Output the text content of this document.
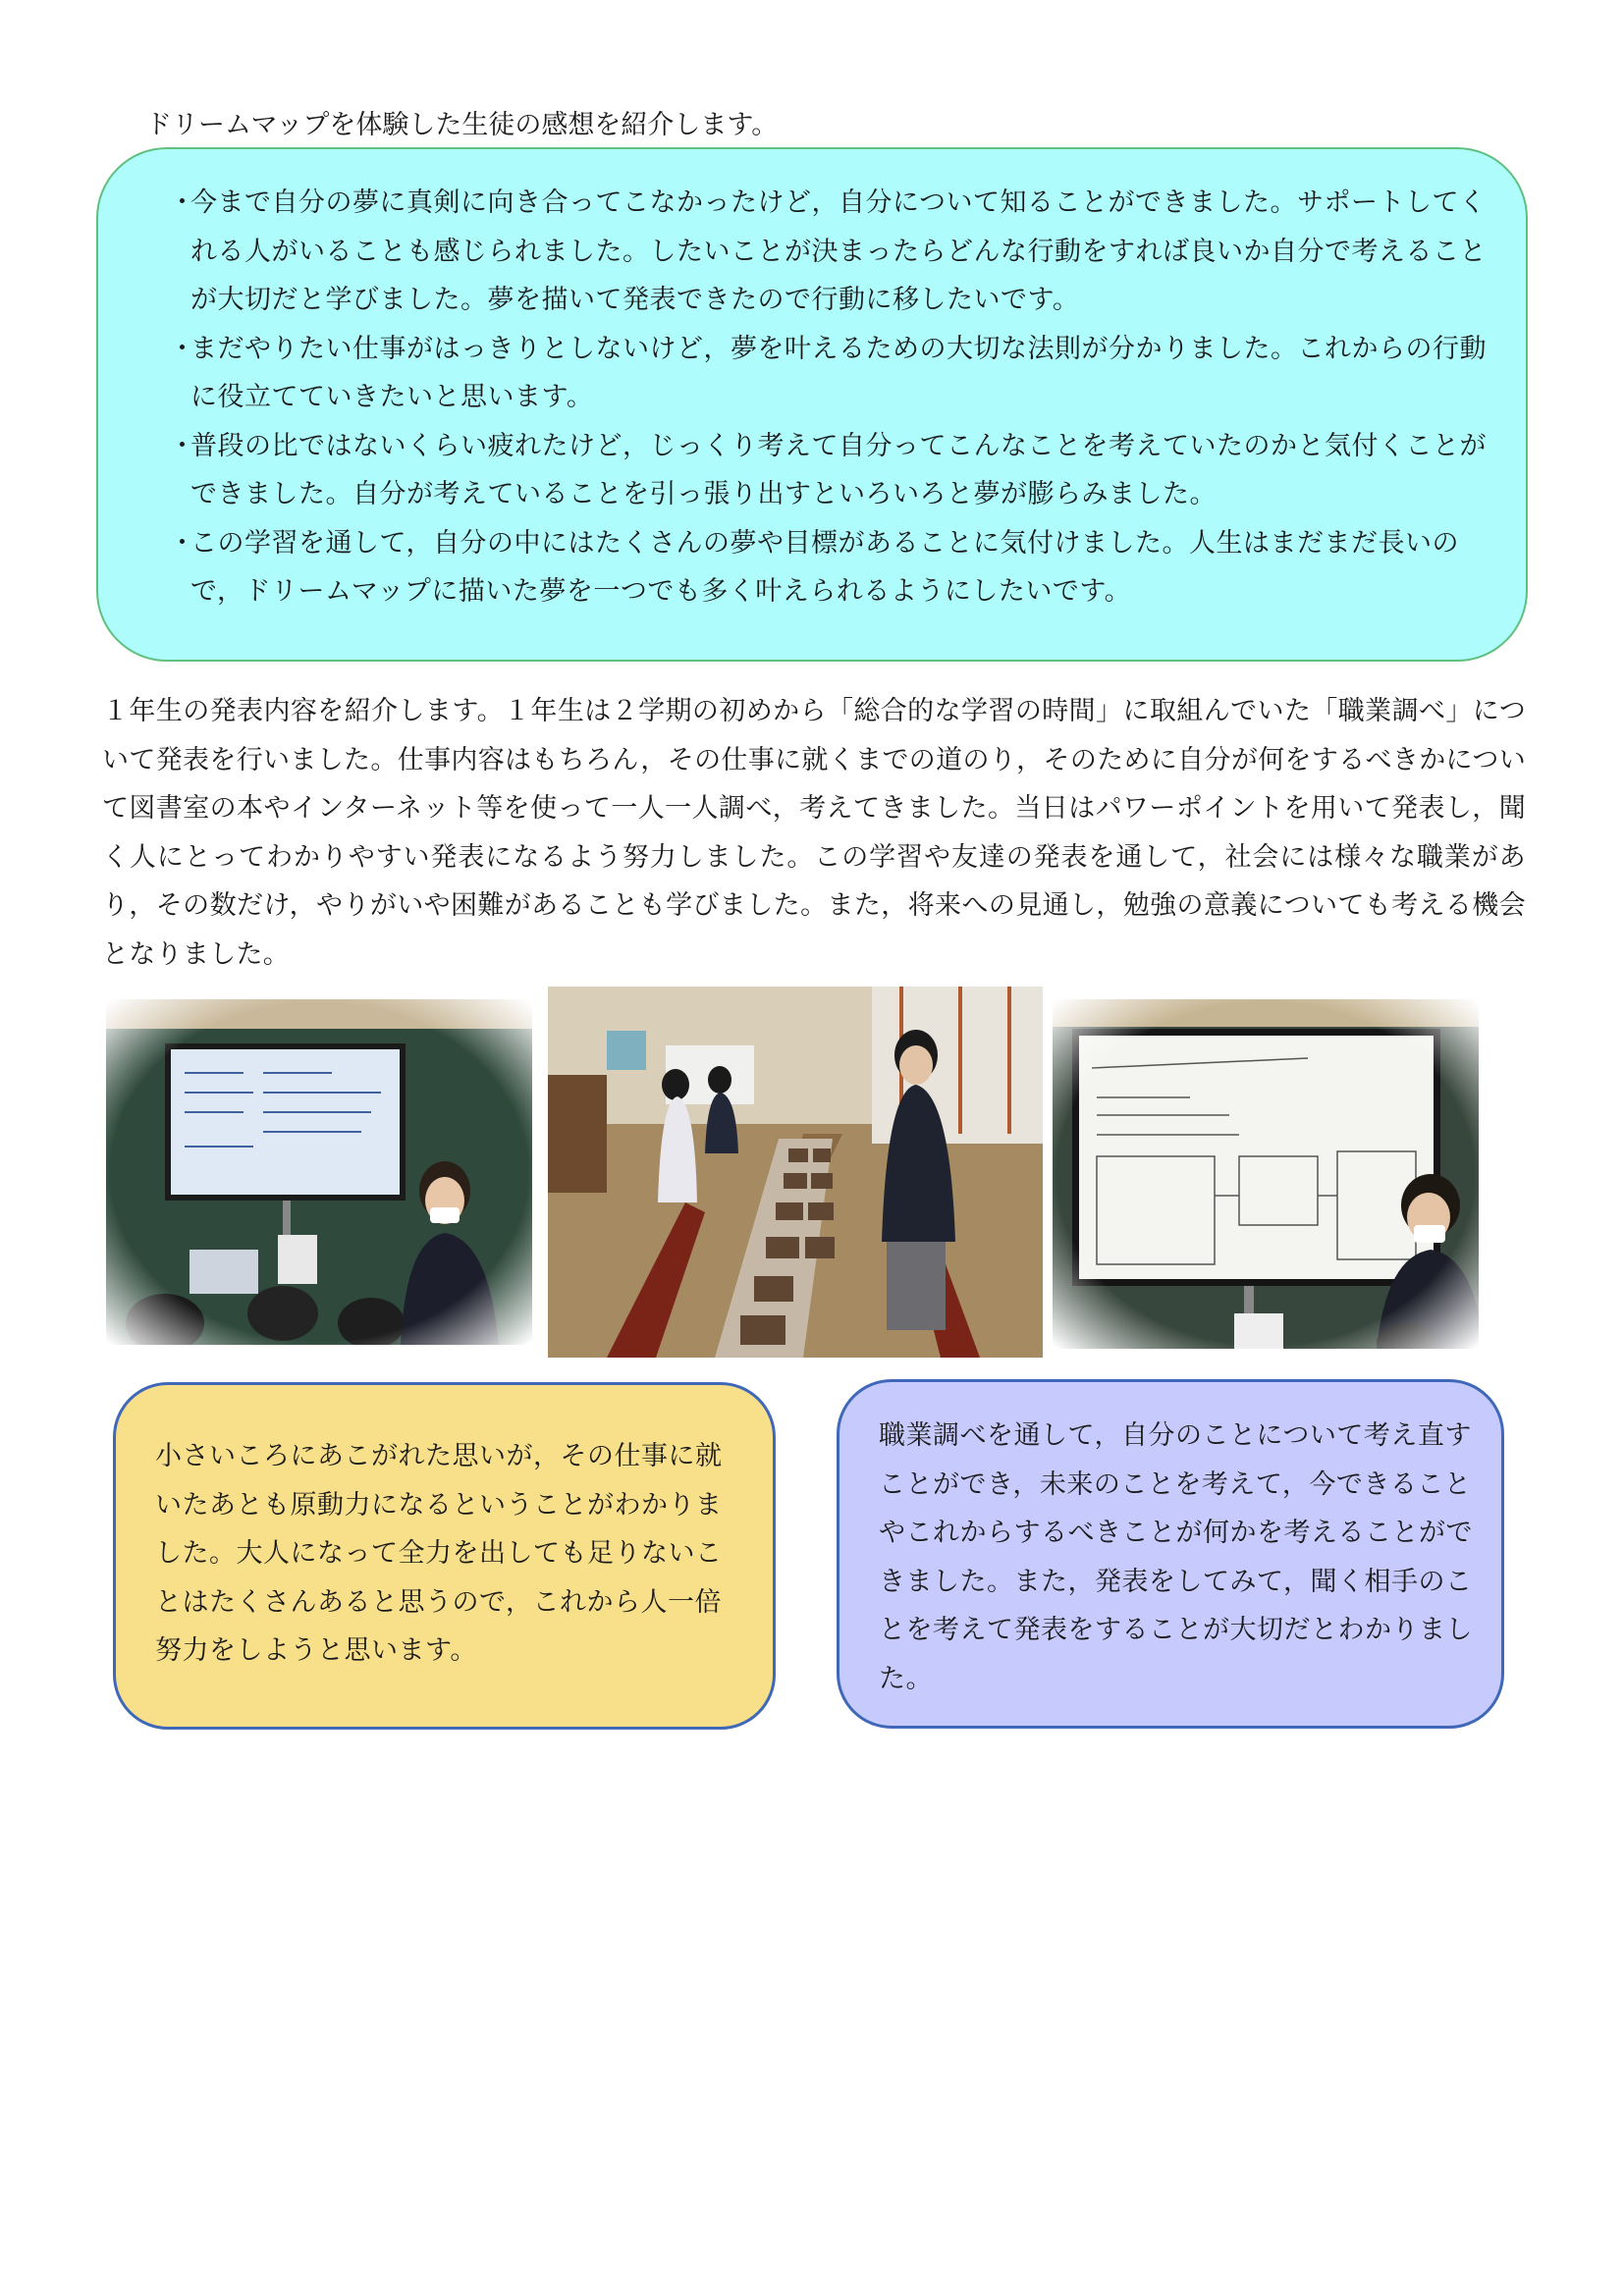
ドリームマップを体験した生徒の感想を紹介します。
・
今まで自分の夢に真剣に向き合ってこなかったけど，自分について知ることができました。サポートしてくれる人がいることも感じられました。したいことが決まったらどんな行動をすれば良いか自分で考えることが大切だと学びました。夢を描いて発表できたので行動に移したいです。
・
まだやりたい仕事がはっきりとしないけど，夢を叶えるための大切な法則が分かりました。これからの行動に役立てていきたいと思います。
・
普段の比ではないくらい疲れたけど，じっくり考えて自分ってこんなことを考えていたのかと気付くことができました。自分が考えていることを引っ張り出すといろいろと夢が膨らみました。
・
この学習を通して，自分の中にはたくさんの夢や目標があることに気付けました。人生はまだまだ長いので，ドリームマップに描いた夢を一つでも多く叶えられるようにしたいです。
１年生の発表内容を紹介します。１年生は２学期の初めから「総合的な学習の時間」に取組んでいた「職業調べ」について発表を行いました。仕事内容はもちろん，その仕事に就くまでの道のり，そのために自分が何をするべきかについて図書室の本やインターネット等を使って一人一人調べ，考えてきました。当日はパワーポイントを用いて発表し，聞く人にとってわかりやすい発表になるよう努力しました。この学習や友達の発表を通して，社会には様々な職業があり，その数だけ，やりがいや困難があることも学びました。また，将来への見通し，勉強の意義についても考える機会となりました。
小さいころにあこがれた思いが，その仕事に就いたあとも原動力になるということがわかりました。大人になって全力を出しても足りないことはたくさんあると思うので，これから人一倍努力をしようと思います。
職業調べを通して，自分のことについて考え直すことができ，未来のことを考えて，今できることやこれからするべきことが何かを考えることができました。また，発表をしてみて，聞く相手のことを考えて発表をすることが大切だとわかりました。
